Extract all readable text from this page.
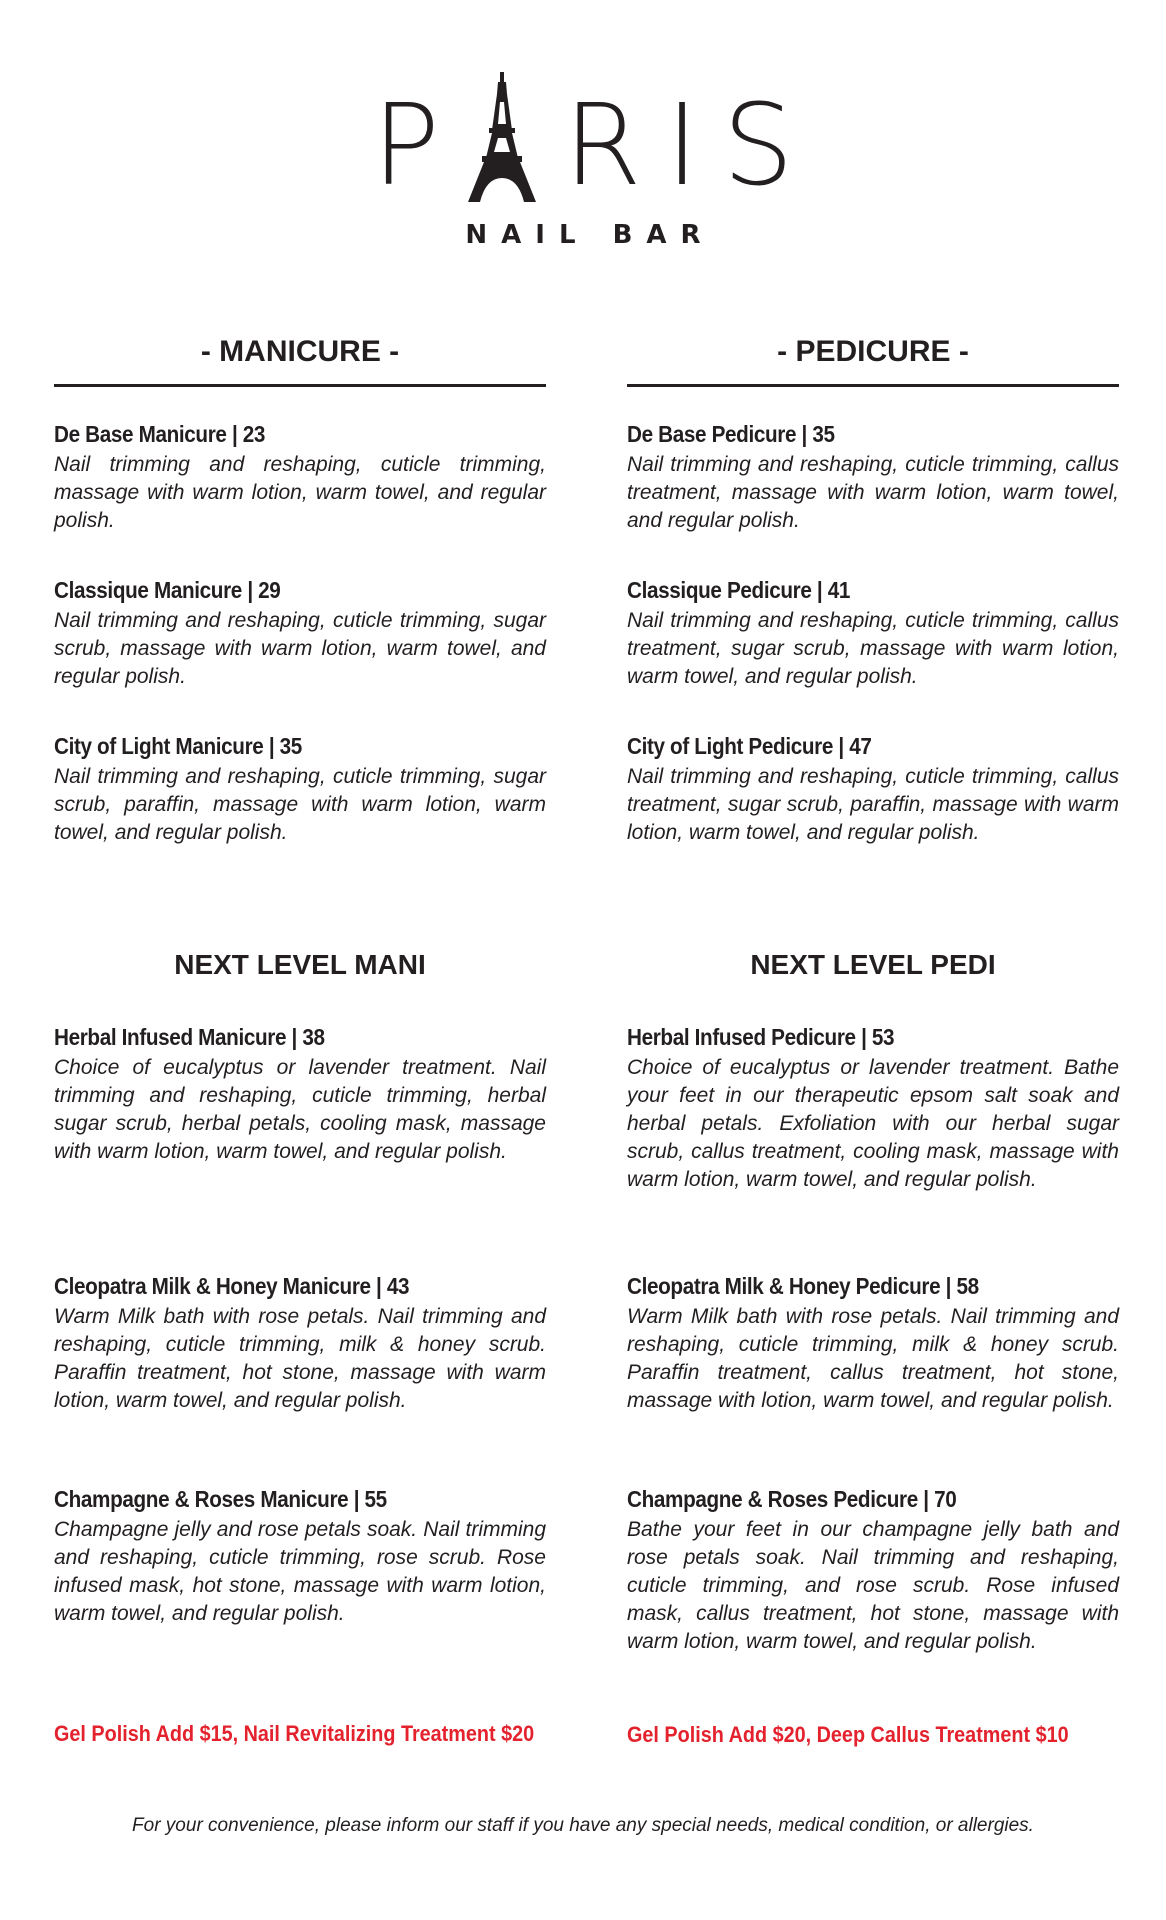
P R I S
NAIL BAR
- MANICURE -
De Base Manicure | 23
Nail trimming and reshaping, cuticle trimming, massage with warm lotion, warm towel, and regular polish.
Classique Manicure | 29
Nail trimming and reshaping, cuticle trimming, sugar scrub, massage with warm lotion, warm towel, and regular polish.
City of Light Manicure | 35
Nail trimming and reshaping, cuticle trimming, sugar scrub, paraffin, massage with warm lotion, warm towel, and regular polish.
NEXT LEVEL MANI
Herbal Infused Manicure | 38
Choice of eucalyptus or lavender treatment. Nail trimming and reshaping, cuticle trimming, herbal sugar scrub, herbal petals, cooling mask, massage with warm lotion, warm towel, and regular polish.
Cleopatra Milk & Honey Manicure | 43
Warm Milk bath with rose petals. Nail trimming and reshaping, cuticle trimming, milk & honey scrub. Paraffin treatment, hot stone, massage with warm lotion, warm towel, and regular polish.
Champagne & Roses Manicure | 55
Champagne jelly and rose petals soak. Nail trimming and reshaping, cuticle trimming, rose scrub. Rose infused mask, hot stone, massage with warm lotion, warm towel, and regular polish.
Gel Polish Add $15, Nail Revitalizing Treatment $20
- PEDICURE -
De Base Pedicure | 35
Nail trimming and reshaping, cuticle trimming, callus treatment, massage with warm lotion, warm towel, and regular polish.
Classique Pedicure | 41
Nail trimming and reshaping, cuticle trimming, callus treatment, sugar scrub, massage with warm lotion, warm towel, and regular polish.
City of Light Pedicure | 47
Nail trimming and reshaping, cuticle trimming, callus treatment, sugar scrub, paraffin, massage with warm lotion, warm towel, and regular polish.
NEXT LEVEL PEDI
Herbal Infused Pedicure | 53
Choice of eucalyptus or lavender treatment. Bathe your feet in our therapeutic epsom salt soak and herbal petals. Exfoliation with our herbal sugar scrub, callus treatment, cooling mask, massage with warm lotion, warm towel, and regular polish.
Cleopatra Milk & Honey Pedicure | 58
Warm Milk bath with rose petals. Nail trimming and reshaping, cuticle trimming, milk & honey scrub. Paraffin treatment, callus treatment, hot stone, massage with lotion, warm towel, and regular polish.
Champagne & Roses Pedicure | 70
Bathe your feet in our champagne jelly bath and rose petals soak. Nail trimming and reshaping, cuticle trimming, and rose scrub. Rose infused mask, callus treatment, hot stone, massage with warm lotion, warm towel, and regular polish.
Gel Polish Add $20, Deep Callus Treatment $10
For your convenience, please inform our staff if you have any special needs, medical condition, or allergies.
